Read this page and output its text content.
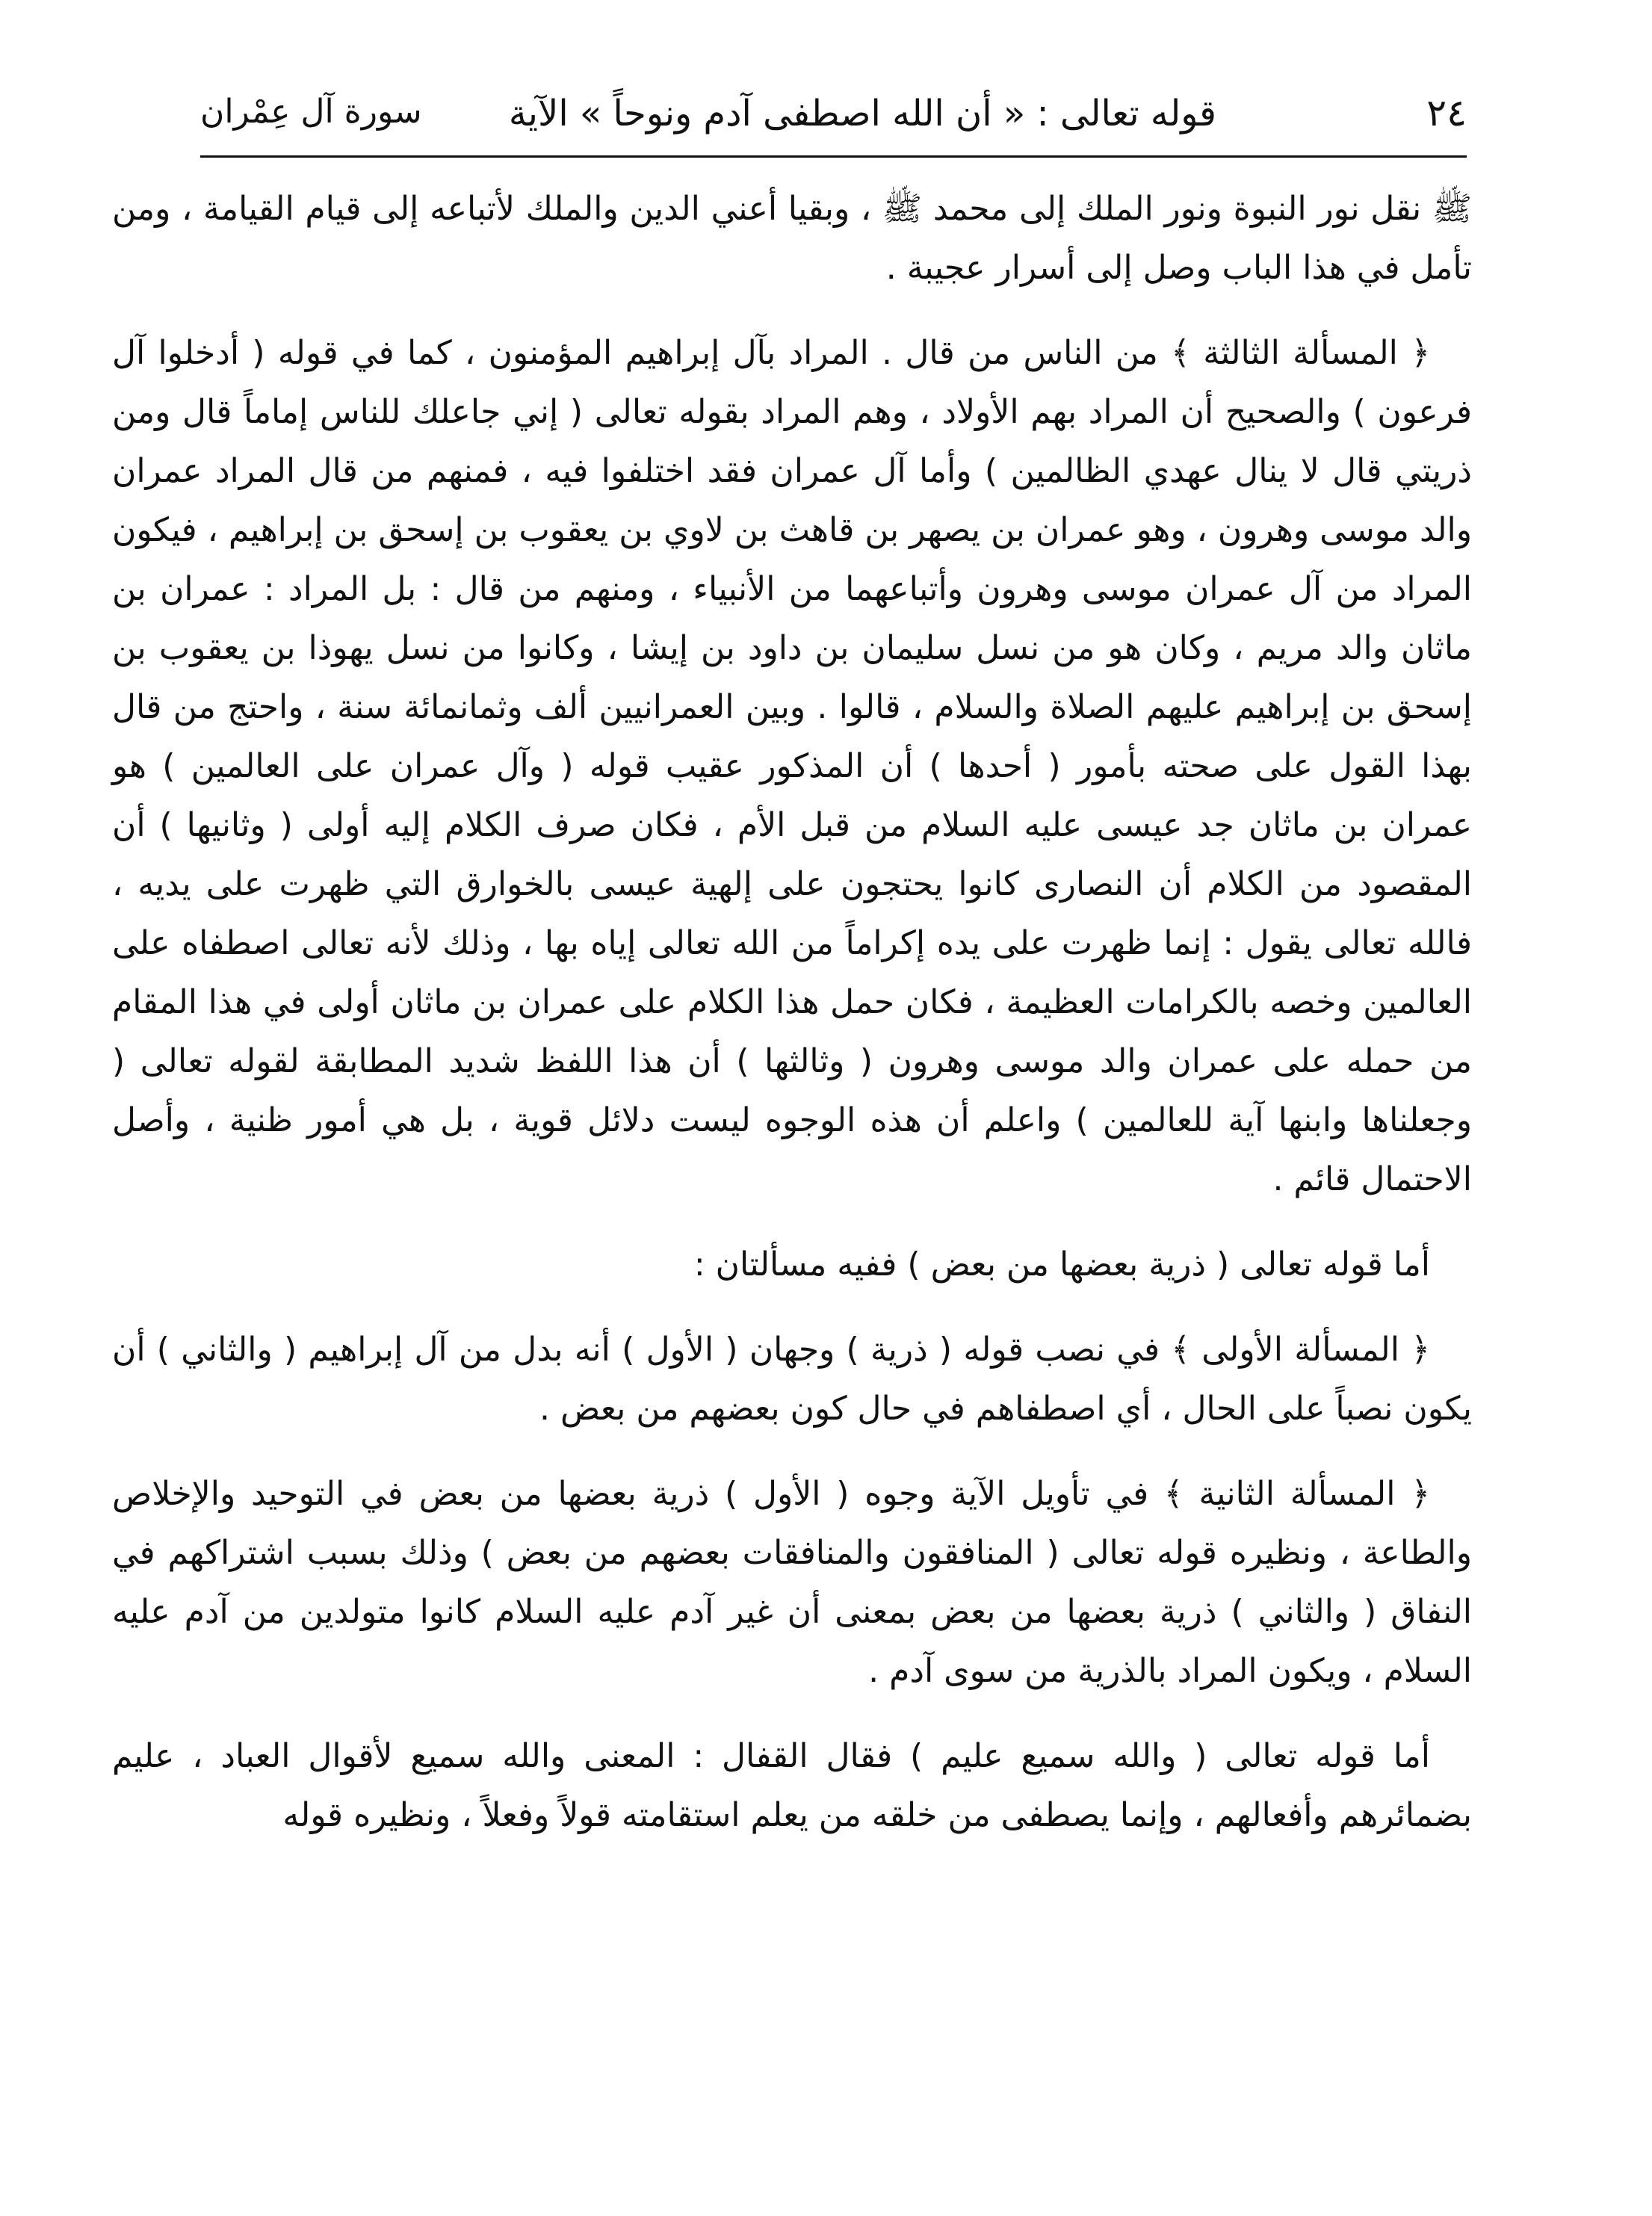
٢٤
قوله تعالى : « أن الله اصطفى آدم ونوحاً » الآية
سورة آل عِمْران

ﷺ نقل نور النبوة ونور الملك إلى محمد ﷺ ، وبقيا أعني الدين والملك لأتباعه إلى قيام القيامة ، ومن تأمل في هذا الباب وصل إلى أسرار عجيبة .

﴿ المسألة الثالثة ﴾ من الناس من قال . المراد بآل إبراهيم المؤمنون ، كما في قوله ( أدخلوا آل فرعون ) والصحيح أن المراد بهم الأولاد ، وهم المراد بقوله تعالى ( إني جاعلك للناس إماماً قال ومن ذريتي قال لا ينال عهدي الظالمين ) وأما آل عمران فقد اختلفوا فيه ، فمنهم من قال المراد عمران والد موسى وهرون ، وهو عمران بن يصهر بن قاهث بن لاوي بن يعقوب بن إسحق بن إبراهيم ، فيكون المراد من آل عمران موسى وهرون وأتباعهما من الأنبياء ، ومنهم من قال : بل المراد : عمران بن ماثان والد مريم ، وكان هو من نسل سليمان بن داود بن إيشا ، وكانوا من نسل يهوذا بن يعقوب بن إسحق بن إبراهيم عليهم الصلاة والسلام ، قالوا . وبين العمرانيين ألف وثمانمائة سنة ، واحتج من قال بهذا القول على صحته بأمور ( أحدها ) أن المذكور عقيب قوله ( وآل عمران على العالمين ) هو عمران بن ماثان جد عيسى عليه السلام من قبل الأم ، فكان صرف الكلام إليه أولى ( وثانيها ) أن المقصود من الكلام أن النصارى كانوا يحتجون على إلهية عيسى بالخوارق التي ظهرت على يديه ، فالله تعالى يقول : إنما ظهرت على يده إكراماً من الله تعالى إياه بها ، وذلك لأنه تعالى اصطفاه على العالمين وخصه بالكرامات العظيمة ، فكان حمل هذا الكلام على عمران بن ماثان أولى في هذا المقام من حمله على عمران والد موسى وهرون ( وثالثها ) أن هذا اللفظ شديد المطابقة لقوله تعالى ( وجعلناها وابنها آية للعالمين ) واعلم أن هذه الوجوه ليست دلائل قوية ، بل هي أمور ظنية ، وأصل الاحتمال قائم .

أما قوله تعالى ( ذرية بعضها من بعض ) ففيه مسألتان :

﴿ المسألة الأولى ﴾ في نصب قوله ( ذرية ) وجهان ( الأول ) أنه بدل من آل إبراهيم ( والثاني ) أن يكون نصباً على الحال ، أي اصطفاهم في حال كون بعضهم من بعض .

﴿ المسألة الثانية ﴾ في تأويل الآية وجوه ( الأول ) ذرية بعضها من بعض في التوحيد والإخلاص والطاعة ، ونظيره قوله تعالى ( المنافقون والمنافقات بعضهم من بعض ) وذلك بسبب اشتراكهم في النفاق ( والثاني ) ذرية بعضها من بعض بمعنى أن غير آدم عليه السلام كانوا متولدين من آدم عليه السلام ، ويكون المراد بالذرية من سوى آدم .

أما قوله تعالى ( والله سميع عليم ) فقال القفال : المعنى والله سميع لأقوال العباد ، عليم بضمائرهم وأفعالهم ، وإنما يصطفى من خلقه من يعلم استقامته قولاً وفعلاً ، ونظيره قوله
